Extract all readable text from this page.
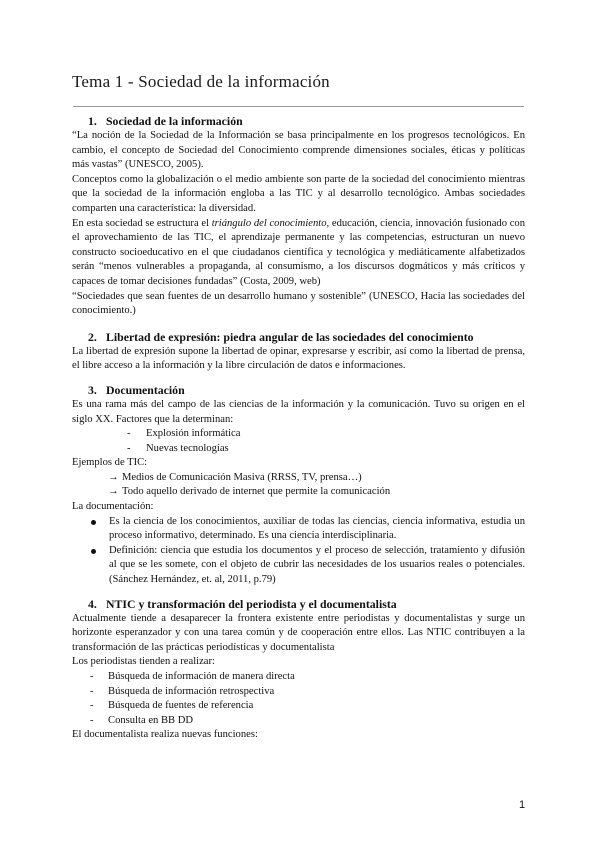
Tema 1 - Sociedad de la información
1. Sociedad de la información

“La noción de la Sociedad de la Información se basa principalmente en los progresos tecnológicos. En cambio, el concepto de Sociedad del Conocimiento comprende dimensiones sociales, éticas y políticas más vastas” (UNESCO, 2005).

Conceptos como la globalización o el medio ambiente son parte de la sociedad del conocimiento mientras que la sociedad de la información engloba a las TIC y al desarrollo tecnológico. Ambas sociedades comparten una característica: la diversidad.

En esta sociedad se estructura el triángulo del conocimiento, educación, ciencia, innovación fusionado con el aprovechamiento de las TIC, el aprendizaje permanente y las competencias, estructuran un nuevo constructo socioeducativo en el que ciudadanos científica y tecnológica y mediáticamente alfabetizados serán “menos vulnerables a propaganda, al consumismo, a los discursos dogmáticos y más críticos y capaces de tomar decisiones fundadas” (Costa, 2009, web)

“Sociedades que sean fuentes de un desarrollo humano y sostenible” (UNESCO, Hacia las sociedades del conocimiento.)

2. Libertad de expresión: piedra angular de las sociedades del conocimiento

La libertad de expresión supone la libertad de opinar, expresarse y escribir, así como la libertad de prensa, el libre acceso a la información y la libre circulación de datos e informaciones.

3. Documentación

Es una rama más del campo de las ciencias de la información y la comunicación. Tuvo su origen en el siglo XX. Factores que la determinan:

- Explosión informática
- Nuevas tecnologías

Ejemplos de TIC:

→ Medios de Comunicación Masiva (RRSS, TV, prensa…)
→ Todo aquello derivado de internet que permite la comunicación

La documentación:

Es la ciencia de los conocimientos, auxiliar de todas las ciencias, ciencia informativa, estudia un proceso informativo, determinado. Es una ciencia interdisciplinaria.
Definición: ciencia que estudia los documentos y el proceso de selección, tratamiento y difusión al que se les somete, con el objeto de cubrir las necesidades de los usuarios reales o potenciales. (Sánchez Hernández, et. al, 2011, p.79)
4. NTIC y transformación del periodista y el documentalista

Actualmente tiende a desaparecer la frontera existente entre periodistas y documentalistas y surge un horizonte esperanzador y con una tarea común y de cooperación entre ellos. Las NTIC contribuyen a la transformación de las prácticas periodísticas y documentalista

Los periodistas tienden a realizar:

- Búsqueda de información de manera directa
- Búsqueda de información retrospectiva
- Búsqueda de fuentes de referencia
- Consulta en BB DD

El documentalista realiza nuevas funciones:

1
